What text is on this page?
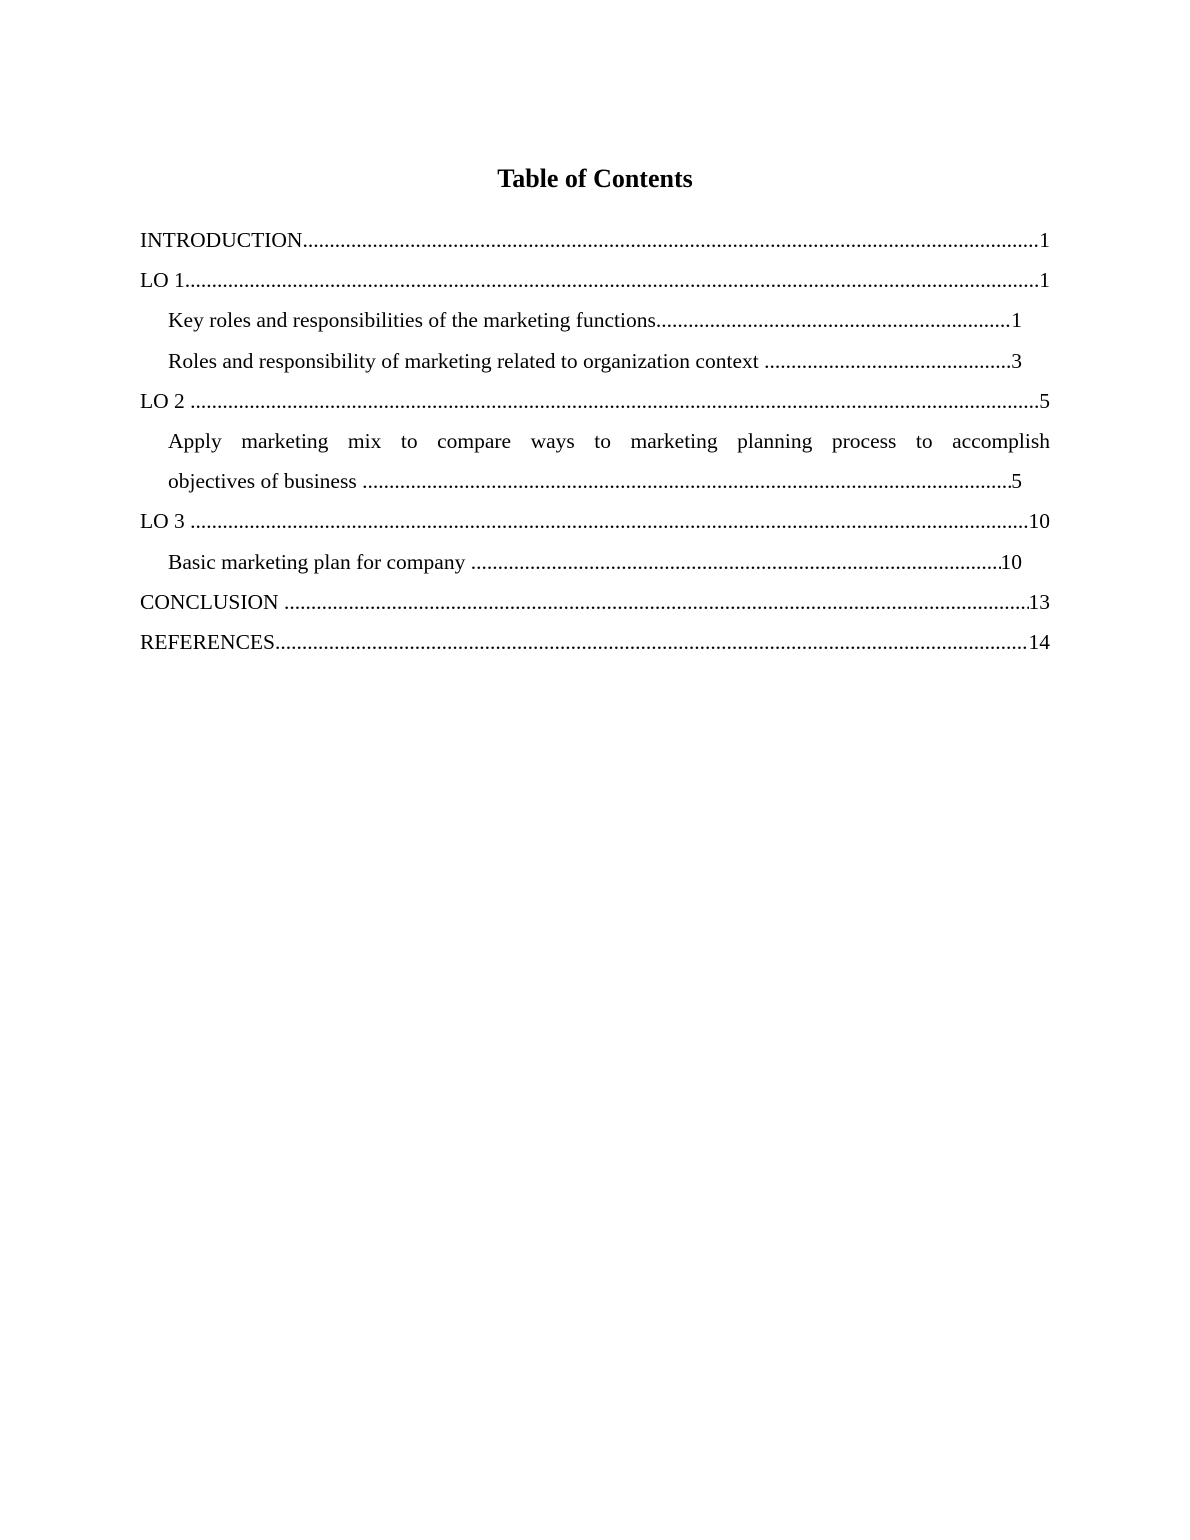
Table of Contents
INTRODUCTION .....	1
LO 1 .....	1
Key roles and responsibilities of the marketing functions .....	1
Roles and responsibility of marketing related to organization context .....	3
LO 2 .....	5
Apply marketing mix to compare ways to marketing planning process to accomplish
objectives of business .....	5
LO 3 .....	10
Basic marketing plan for company .....	10
CONCLUSION .....	13
REFERENCES .....	14
